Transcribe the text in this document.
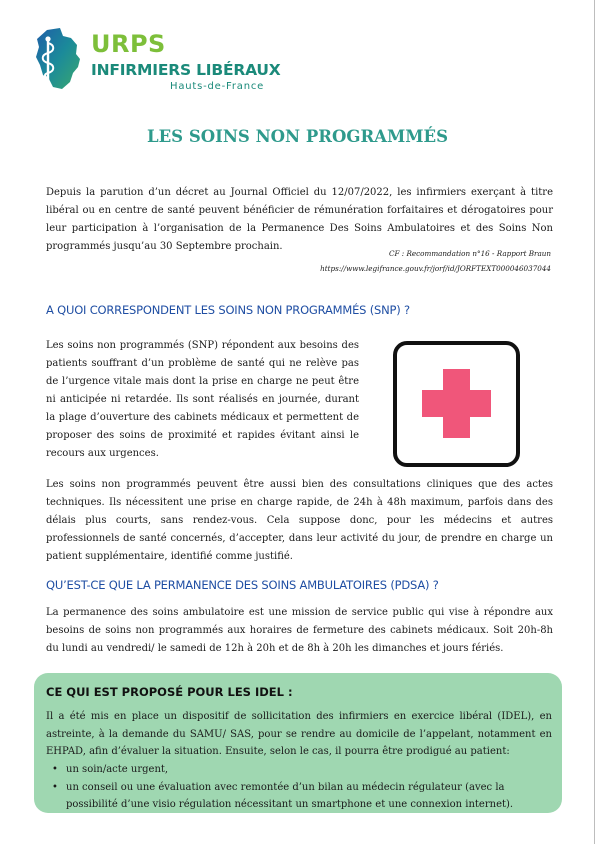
URPS
INFIRMIERS LIBÉRAUX
Hauts-de-France
LES SOINS NON PROGRAMMÉS
Depuis la parution d’un décret au Journal Officiel du 12/07/2022, les infirmiers exerçant à titre libéral ou en centre de santé peuvent bénéficier de rémunération forfaitaires et dérogatoires pour leur participation à l’organisation de la Permanence Des Soins Ambulatoires et des Soins Non programmés jusqu’au 30 Septembre prochain.
CF : Recommandation n°16 - Rapport Braun
https://www.legifrance.gouv.fr/jorf/id/JORFTEXT000046037044
A QUOI CORRESPONDENT LES SOINS NON PROGRAMMÉS (SNP) ?
Les soins non programmés (SNP) répondent aux besoins des patients souffrant d’un problème de santé qui ne relève pas de l’urgence vitale mais dont la prise en charge ne peut être ni anticipée ni retardée. Ils sont réalisés en journée, durant la plage d’ouverture des cabinets médicaux et permettent de proposer des soins de proximité et rapides évitant ainsi le recours aux urgences.
Les soins non programmés peuvent être aussi bien des consultations cliniques que des actes techniques. Ils nécessitent une prise en charge rapide, de 24h à 48h maximum, parfois dans des délais plus courts, sans rendez-vous. Cela suppose donc, pour les médecins et autres professionnels de santé concernés, d’accepter, dans leur activité du jour, de prendre en charge un patient supplémentaire, identifié comme justifié.
QU’EST-CE QUE LA PERMANENCE DES SOINS AMBULATOIRES (PDSA) ?
La permanence des soins ambulatoire est une mission de service public qui vise à répondre aux besoins de soins non programmés aux horaires de fermeture des cabinets médicaux. Soit 20h-8h du lundi au vendredi/ le samedi de 12h à 20h et de 8h à 20h les dimanches et jours fériés.
CE QUI EST PROPOSÉ POUR LES IDEL :
Il a été mis en place un dispositif de sollicitation des infirmiers en exercice libéral (IDEL), en astreinte, à la demande du SAMU/ SAS, pour se rendre au domicile de l’appelant, notamment en EHPAD, afin d’évaluer la situation. Ensuite, selon le cas, il pourra être prodigué au patient:
• un soin/acte urgent,
• un conseil ou une évaluation avec remontée d’un bilan au médecin régulateur (avec la possibilité d’une visio régulation nécessitant un smartphone et une connexion internet).
